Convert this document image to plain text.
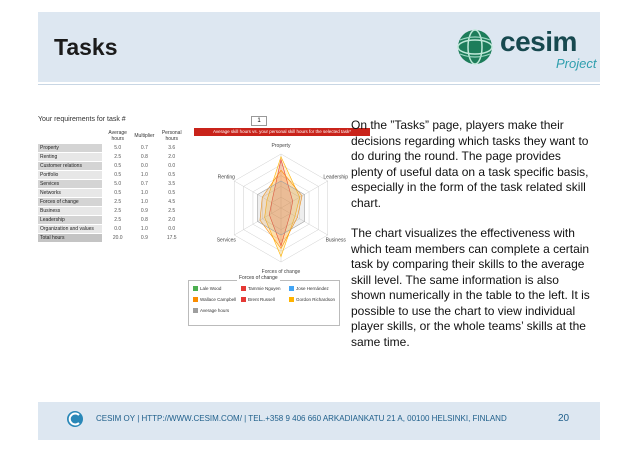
Tasks	cesim
Project
Your requirements for task #	1
	Average hours	Multiplier	Personal hours
Property	5.0	0.7	3.6
Renting	2.5	0.8	2.0
Customer relations	0.5	0.0	0.0
Portfolio	0.5	1.0	0.5
Services	5.0	0.7	3.5
Networks	0.5	1.0	0.5
Forces of change	2.5	1.0	4.5
Business	2.5	0.9	2.5
Leadership	2.5	0.8	2.0
Organization and values	0.0	1.0	0.0
Total hours	20.0	0.9	17.5
Average skill hours vs. your personal skill hours for the selected task*
Property
Leadership
Business
Forces of change
Services
Renting
Forces of change
Lale Wood	Tammie Nguyen	Jose Hernández
Wallace Campbell	Brent Russell	Gordon Richardson
Average hours

On the ”Tasks” page, players make their decisions regarding which tasks they want to do during the round. The page provides plenty of useful data on a task specific basis, especially in the form of the task related skill chart.

The chart visualizes the effectiveness with which team members can complete a certain task by comparing their skills to the average skill level. The same information is also shown numerically in the table to the left. It is possible to use the chart to view individual player skills, or the whole teams’ skills at the same time.

CESIM OY | HTTP://WWW.CESIM.COM/ | TEL.+358 9 406 660 ARKADIANKATU 21 A, 00100 HELSINKI, FINLAND	20
